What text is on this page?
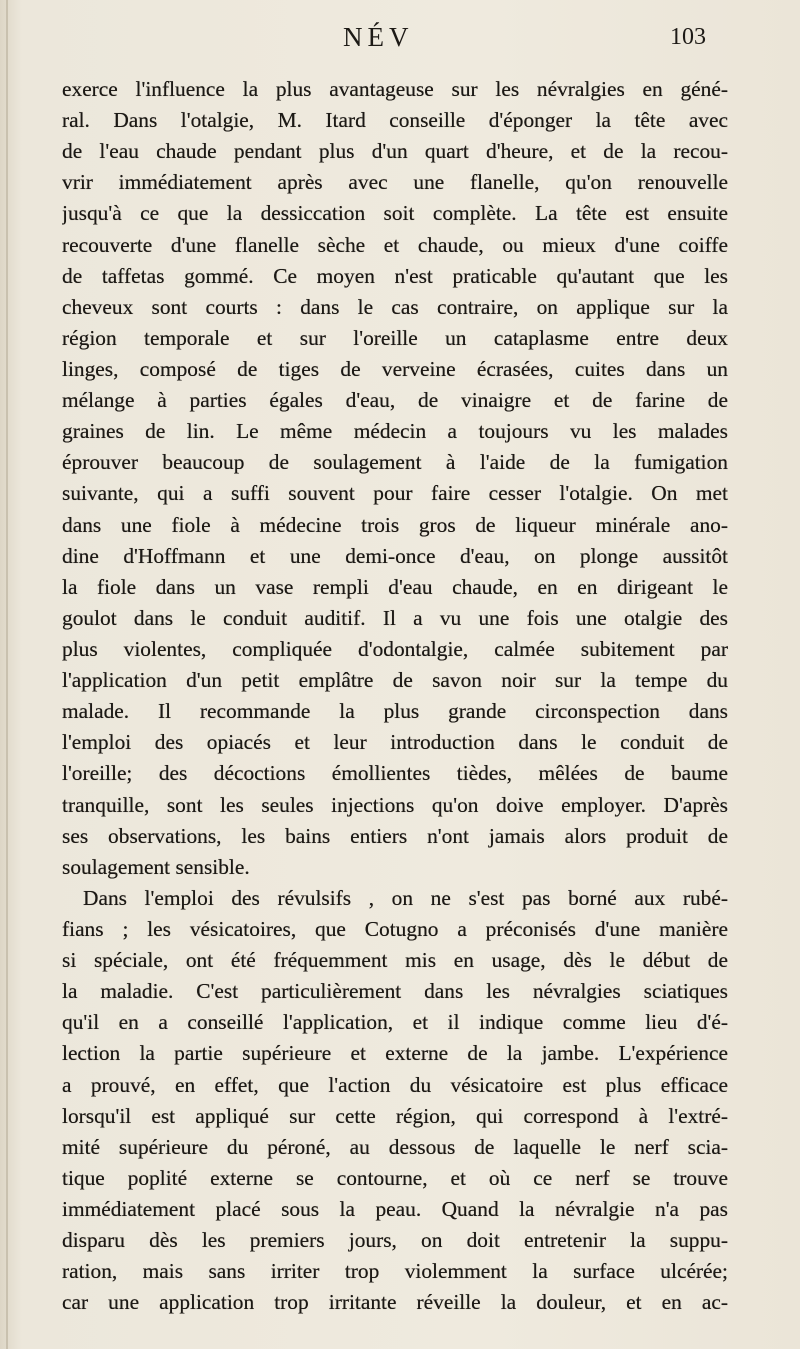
NÉV	103
exerce l'influence la plus avantageuse sur les névralgies en géné-
ral. Dans l'otalgie, M. Itard conseille d'éponger la tête avec
de l'eau chaude pendant plus d'un quart d'heure, et de la recou-
vrir immédiatement après avec une flanelle, qu'on renouvelle
jusqu'à ce que la dessiccation soit complète. La tête est ensuite
recouverte d'une flanelle sèche et chaude, ou mieux d'une coiffe
de taffetas gommé. Ce moyen n'est praticable qu'autant que les
cheveux sont courts : dans le cas contraire, on applique sur la
région temporale et sur l'oreille un cataplasme entre deux
linges, composé de tiges de verveine écrasées, cuites dans un
mélange à parties égales d'eau, de vinaigre et de farine de
graines de lin. Le même médecin a toujours vu les malades
éprouver beaucoup de soulagement à l'aide de la fumigation
suivante, qui a suffi souvent pour faire cesser l'otalgie. On met
dans une fiole à médecine trois gros de liqueur minérale ano-
dine d'Hoffmann et une demi-once d'eau, on plonge aussitôt
la fiole dans un vase rempli d'eau chaude, en en dirigeant le
goulot dans le conduit auditif. Il a vu une fois une otalgie des
plus violentes, compliquée d'odontalgie, calmée subitement par
l'application d'un petit emplâtre de savon noir sur la tempe du
malade. Il recommande la plus grande circonspection dans
l'emploi des opiacés et leur introduction dans le conduit de
l'oreille; des décoctions émollientes tièdes, mêlées de baume
tranquille, sont les seules injections qu'on doive employer. D'après
ses observations, les bains entiers n'ont jamais alors produit de
soulagement sensible.
Dans l'emploi des révulsifs , on ne s'est pas borné aux rubé-
fians ; les vésicatoires, que Cotugno a préconisés d'une manière
si spéciale, ont été fréquemment mis en usage, dès le début de
la maladie. C'est particulièrement dans les névralgies sciatiques
qu'il en a conseillé l'application, et il indique comme lieu d'é-
lection la partie supérieure et externe de la jambe. L'expérience
a prouvé, en effet, que l'action du vésicatoire est plus efficace
lorsqu'il est appliqué sur cette région, qui correspond à l'extré-
mité supérieure du péroné, au dessous de laquelle le nerf scia-
tique poplité externe se contourne, et où ce nerf se trouve
immédiatement placé sous la peau. Quand la névralgie n'a pas
disparu dès les premiers jours, on doit entretenir la suppu-
ration, mais sans irriter trop violemment la surface ulcérée;
car une application trop irritante réveille la douleur, et en ac-
